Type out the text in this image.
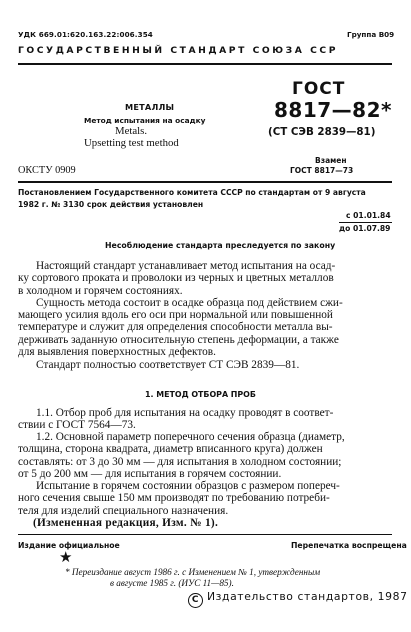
УДК 669.01:620.163.22:006.354	Группа В09
ГОСУДАРСТВЕННЫЙ СТАНДАРТ СОЮЗА ССР
ГОСТ
8817—82*
(СТ СЭВ 2839—81)
Взамен
ГОСТ 8817—73
МЕТАЛЛЫ
Метод испытания на осадку
Metals.
Upsetting test method
ОКСТУ 0909
Постановлением Государственного комитета СССР по стандартам от 9 августа
1982 г. № 3130 срок действия установлен
с 01.01.84
до 01.07.89
Несоблюдение стандарта преследуется по закону
Настоящий стандарт устанавливает метод испытания на осад-
ку сортового проката и проволоки из черных и цветных металлов
в холодном и горячем состояниях.
Сущность метода состоит в осадке образца под действием сжи-
мающего усилия вдоль его оси при нормальной или повышенной
температуре и служит для определения способности металла вы-
держивать заданную относительную степень деформации, а также
для выявления поверхностных дефектов.
Стандарт полностью соответствует СТ СЭВ 2839—81.
1. МЕТОД ОТБОРА ПРОБ
1.1. Отбор проб для испытания на осадку проводят в соответ-
ствии с ГОСТ 7564—73.
1.2. Основной параметр поперечного сечения образца (диаметр,
толщина, сторона квадрата, диаметр вписанного круга) должен
составлять: от 3 до 30 мм — для испытания в холодном состоянии;
от 5 до 200 мм — для испытания в горячем состоянии.
Испытание в горячем состоянии образцов с размером попереч-
ного сечения свыше 150 мм производят по требованию потреби-
теля для изделий специального назначения.
(Измененная редакция, Изм. № 1).
Издание официальное	Перепечатка воспрещена
★
* Переиздание август 1986 г. с Изменением № 1, утвержденным
в августе 1985 г. (ИУС 11—85).
С Издательство стандартов, 1987
